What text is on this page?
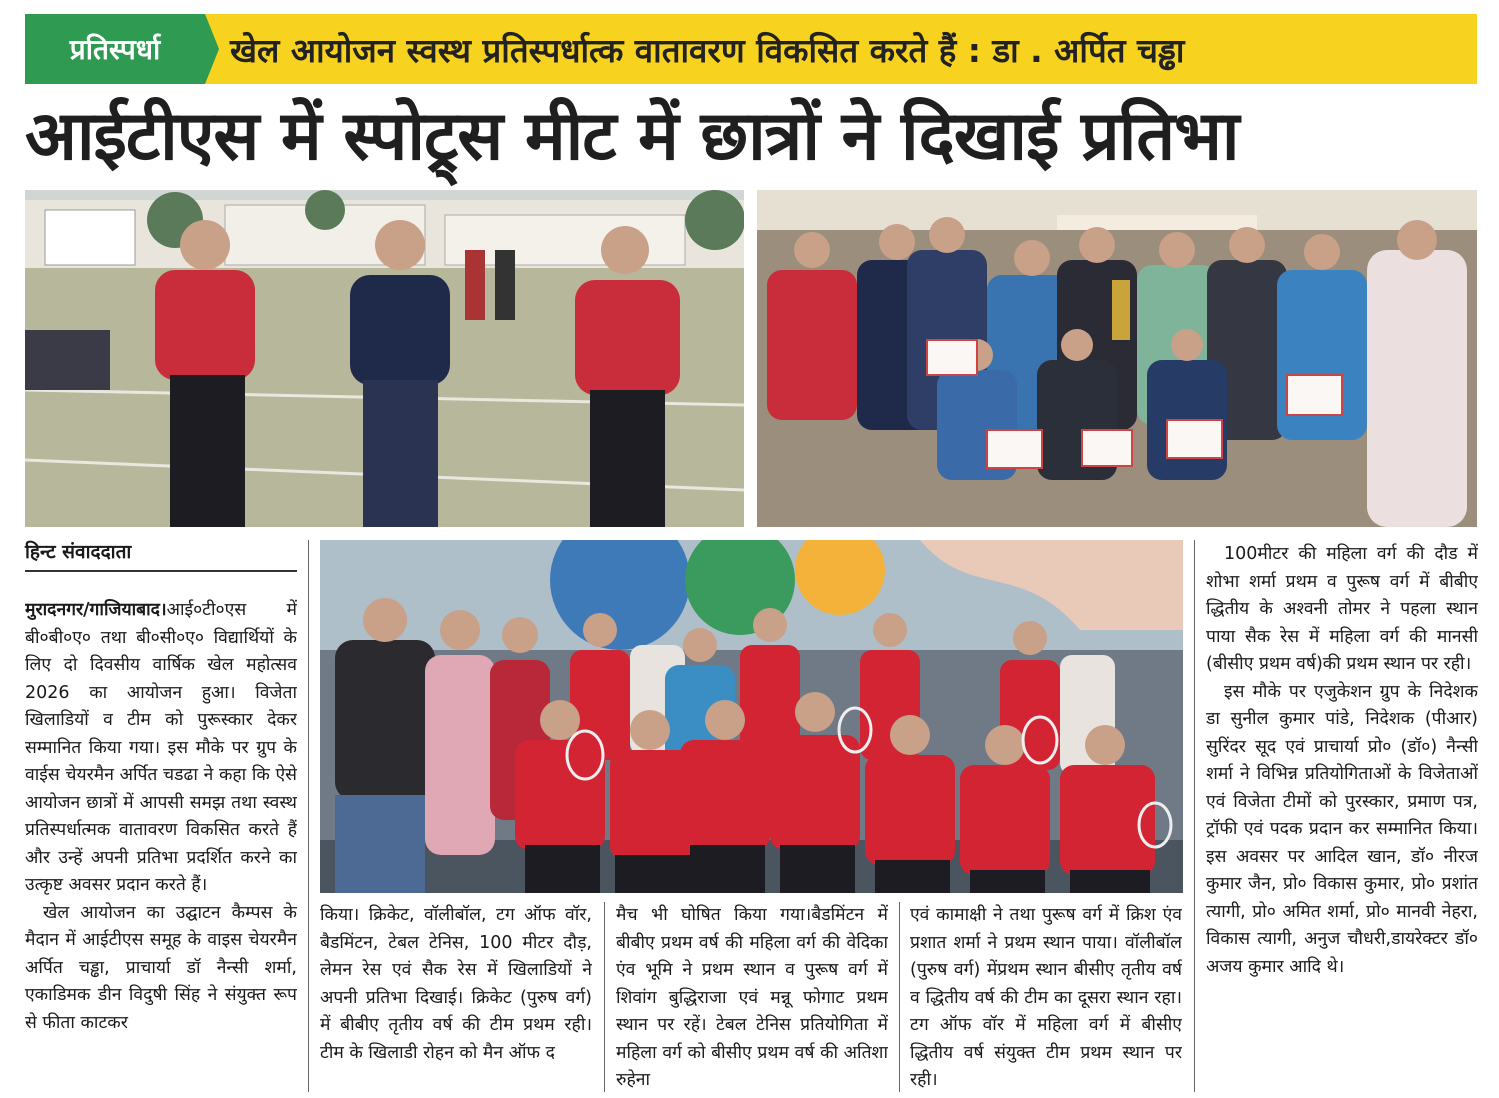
प्रतिस्पर्धा	खेल आयोजन स्वस्थ प्रतिस्पर्धात्क वातावरण विकसित करते हैं : डा . अर्पित चड्ढा
आईटीएस में स्पोट्र्स मीट में छात्रों ने दिखाई प्रतिभा
हिन्ट संवाददाता

मुरादनगर/गाजियाबाद।आई०टी०एस में बी०बी०ए० तथा बी०सी०ए० विद्यार्थियों के लिए दो दिवसीय वार्षिक खेल महोत्सव 2026 का आयोजन हुआ। विजेता खिलाडियों व टीम को पुरूस्कार देकर सम्मानित किया गया। इस मौके पर ग्रुप के वाईस चेयरमैन अर्पित चडढा ने कहा कि ऐसे आयोजन छात्रों में आपसी समझ तथा स्वस्थ प्रतिस्पर्धात्मक वातावरण विकसित करते हैं और उन्हें अपनी प्रतिभा प्रदर्शित करने का उत्कृष्ट अवसर प्रदान करते हैं।

खेल आयोजन का उद्घाटन कैम्पस के मैदान में आईटीएस समूह के वाइस चेयरमैन अर्पित चड्ढा, प्राचार्या डॉ नैन्सी शर्मा, एकाडिमक डीन विदुषी सिंह ने संयुक्त रूप से फीता काटकर

किया। क्रिकेट, वॉलीबॉल, टग ऑफ वॉर, बैडमिंटन, टेबल टेनिस, 100 मीटर दौड़, लेमन रेस एवं सैक रेस में खिलाडियों ने अपनी प्रतिभा दिखाई। क्रिकेट (पुरुष वर्ग) में बीबीए तृतीय वर्ष की टीम प्रथम रही। टीम के खिलाडी रोहन को मैन ऑफ द

मैच भी घोषित किया गया।बैडमिंटन में बीबीए प्रथम वर्ष की महिला वर्ग की वेदिका एंव भूमि ने प्रथम स्थान व पुरूष वर्ग में शिवांग बुद्धिराजा एवं मन्नू फोगाट प्रथम स्थान पर रहें। टेबल टेनिस प्रतियोगिता में महिला वर्ग को बीसीए प्रथम वर्ष की अतिशा रुहेना

एवं कामाक्षी ने तथा पुरूष वर्ग में क्रिश एंव प्रशात शर्मा ने प्रथम स्थान पाया। वॉलीबॉल (पुरुष वर्ग) मेंप्रथम स्थान बीसीए तृतीय वर्ष व द्धितीय वर्ष की टीम का दूसरा स्थान रहा। टग ऑफ वॉर में महिला वर्ग में बीसीए द्धितीय वर्ष संयुक्त टीम प्रथम स्थान पर रही।

100मीटर की महिला वर्ग की दौड में शोभा शर्मा प्रथम व पुरूष वर्ग में बीबीए द्धितीय के अश्वनी तोमर ने पहला स्थान पाया सैक रेस में महिला वर्ग की मानसी (बीसीए प्रथम वर्ष)की प्रथम स्थान पर रही।

इस मौके पर एजुकेशन ग्रुप के निदेशक डा सुनील कुमार पांडे, निदेशक (पीआर) सुरिंदर सूद एवं प्राचार्या प्रो० (डॉ०) नैन्सी शर्मा ने विभिन्न प्रतियोगिताओं के विजेताओं एवं विजेता टीमों को पुरस्कार, प्रमाण पत्र, ट्रॉफी एवं पदक प्रदान कर सम्मानित किया। इस अवसर पर आदिल खान, डॉ० नीरज कुमार जैन, प्रो० विकास कुमार, प्रो० प्रशांत त्यागी, प्रो० अमित शर्मा, प्रो० मानवी नेहरा, विकास त्यागी, अनुज चौधरी,डायरेक्टर डॉ० अजय कुमार आदि थे।
